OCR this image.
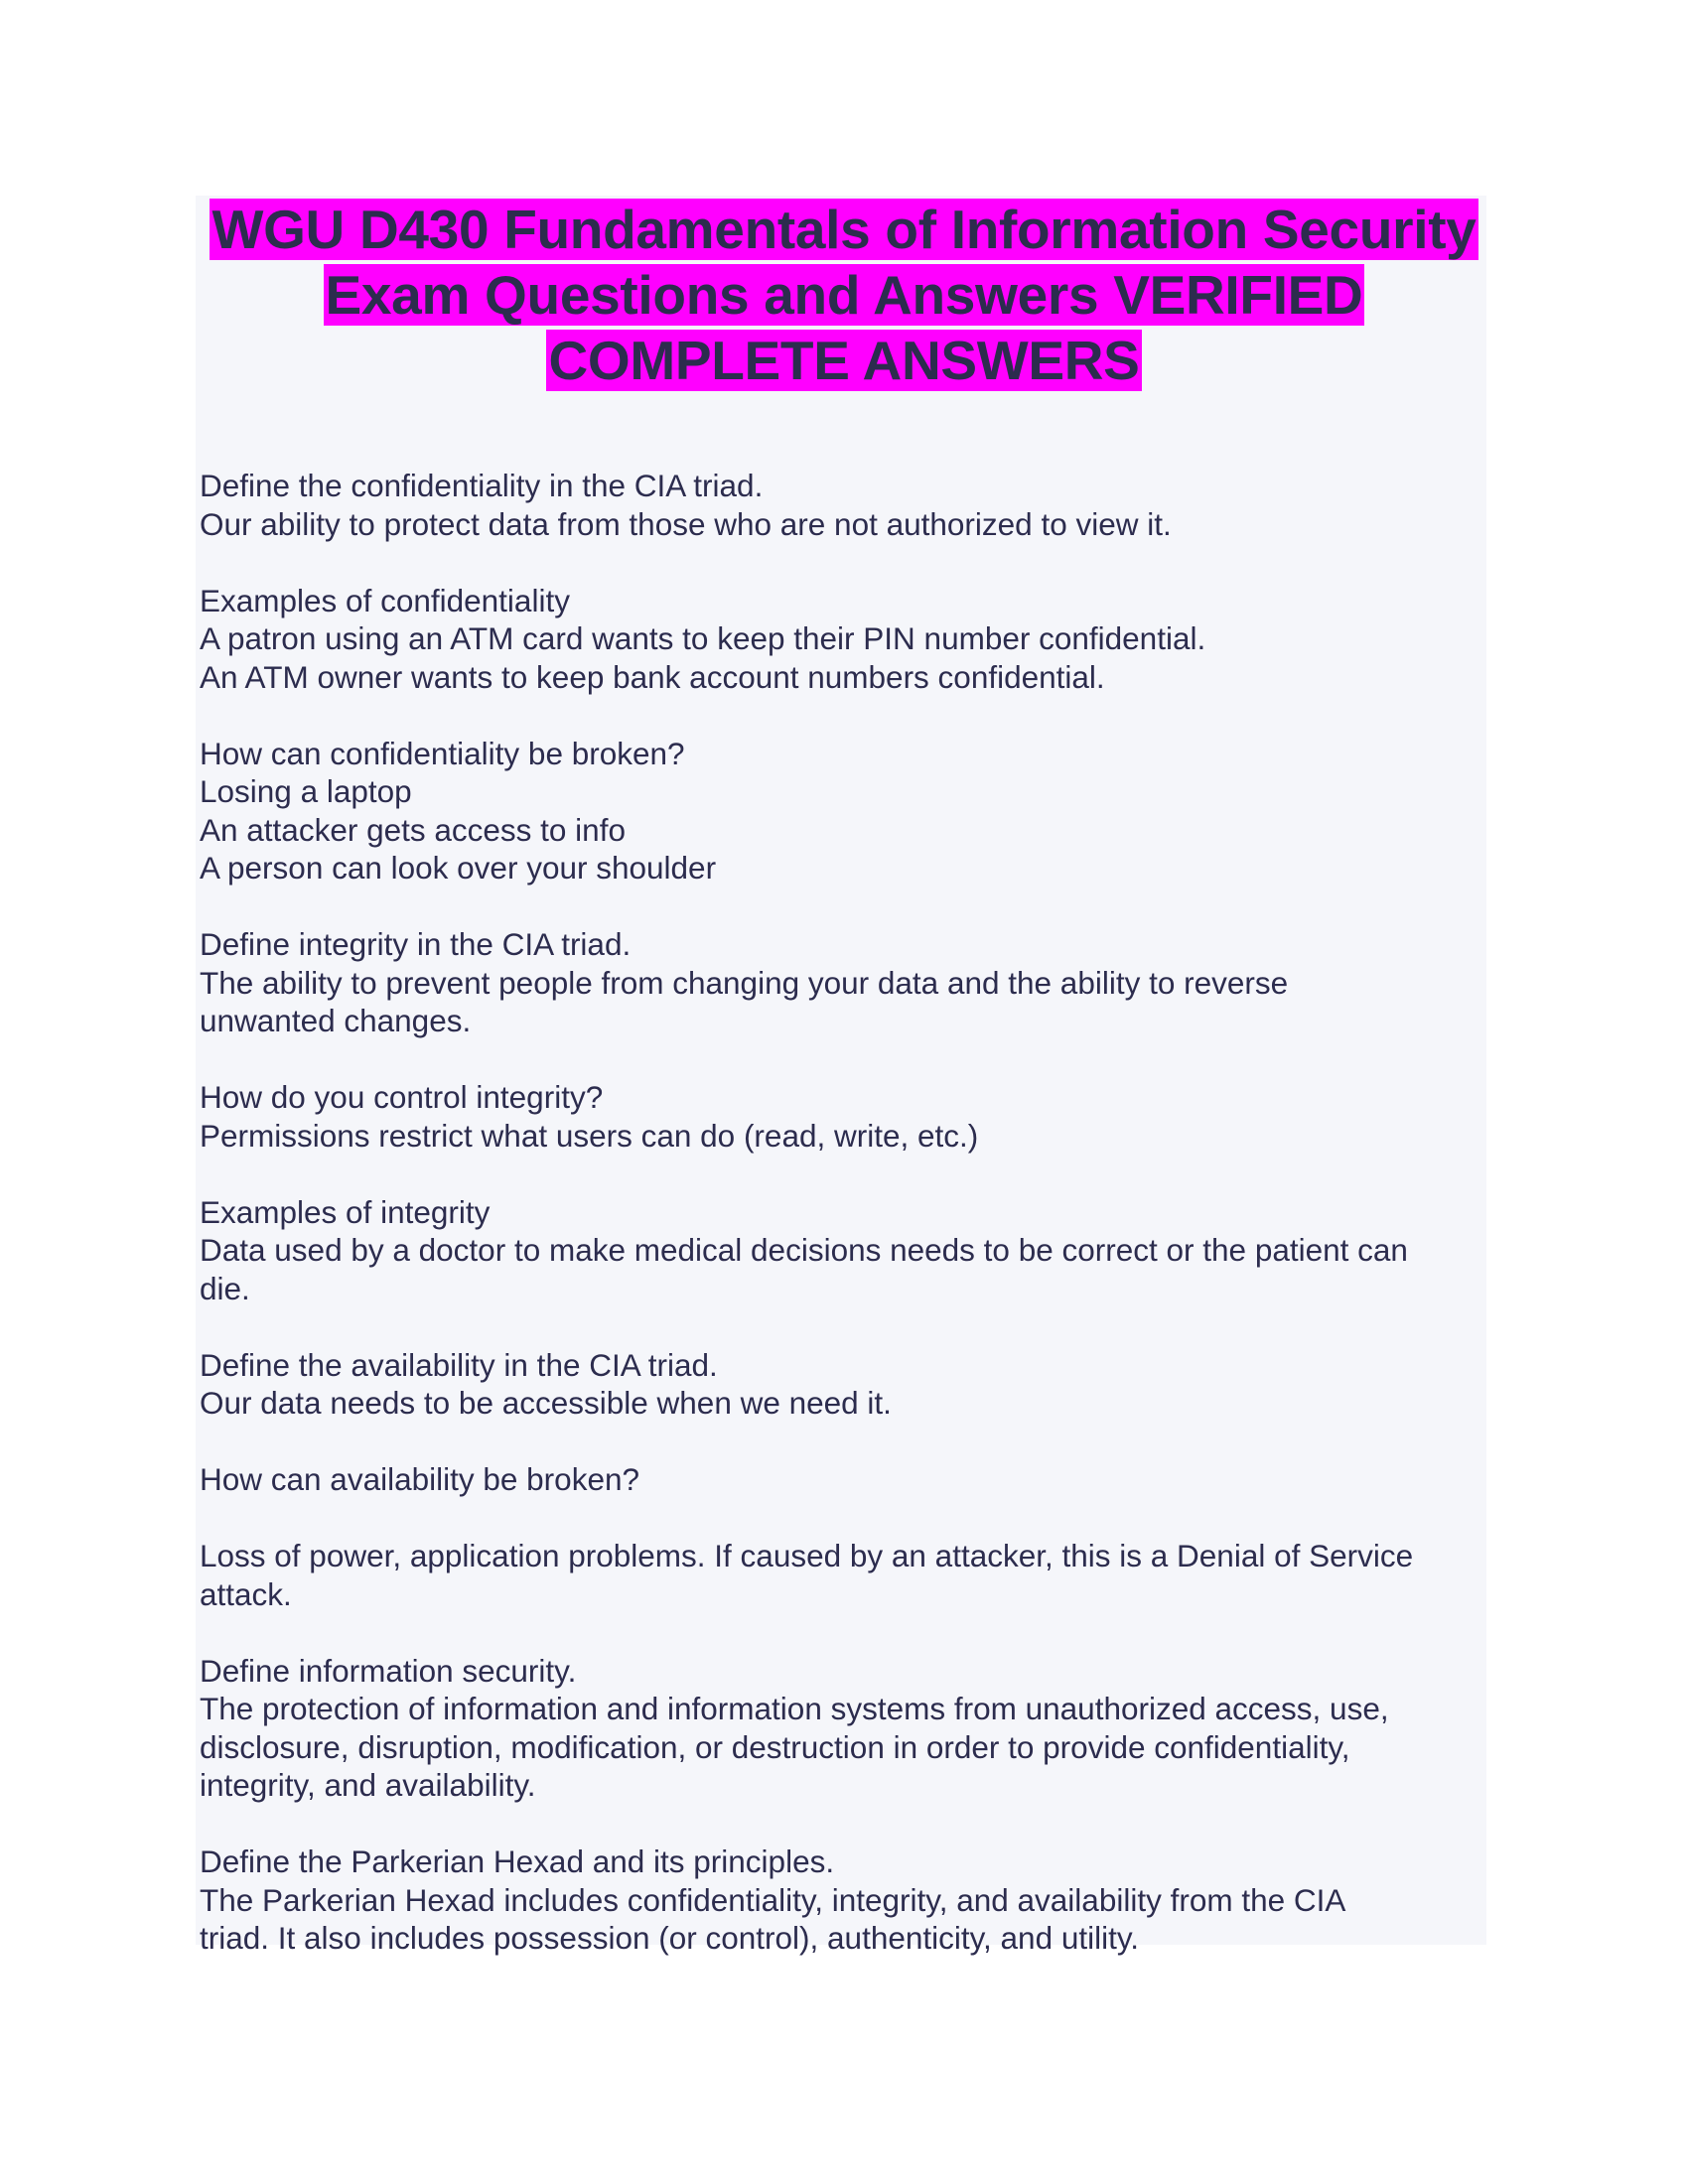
WGU D430 Fundamentals of Information Security
Exam Questions and Answers VERIFIED
COMPLETE ANSWERS
Define the confidentiality in the CIA triad.
Our ability to protect data from those who are not authorized to view it.
Examples of confidentiality
A patron using an ATM card wants to keep their PIN number confidential.
An ATM owner wants to keep bank account numbers confidential.
How can confidentiality be broken?
Losing a laptop
An attacker gets access to info
A person can look over your shoulder
Define integrity in the CIA triad.
The ability to prevent people from changing your data and the ability to reverse
unwanted changes.
How do you control integrity?
Permissions restrict what users can do (read, write, etc.)
Examples of integrity
Data used by a doctor to make medical decisions needs to be correct or the patient can
die.
Define the availability in the CIA triad.
Our data needs to be accessible when we need it.
How can availability be broken?
Loss of power, application problems. If caused by an attacker, this is a Denial of Service
attack.
Define information security.
The protection of information and information systems from unauthorized access, use,
disclosure, disruption, modification, or destruction in order to provide confidentiality,
integrity, and availability.
Define the Parkerian Hexad and its principles.
The Parkerian Hexad includes confidentiality, integrity, and availability from the CIA
triad. It also includes possession (or control), authenticity, and utility.
